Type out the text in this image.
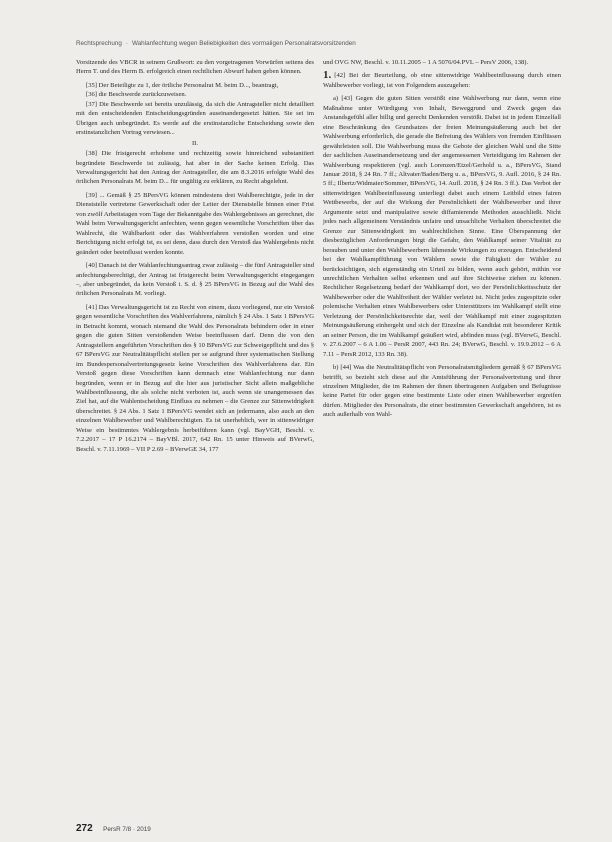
Rechtsprechung · Wahlanfechtung wegen Beliebigkeiten des vormaligen Personalratsvorsitzenden

Vorsitzende des VBCR in seinem Grußwort: zu den vorgetragenen Vorwürfen seitens des Herrn T. und des Herrn B. erfolgreich einen rechtlichen Abwurf haben geben können.

[35] Der Beteiligte zu 1, der örtliche Personalrat M. beim D..., beantragt,

[36] die Beschwerde zurückzuweisen.

[37] Die Beschwerde sei bereits unzulässig, da sich die Antragsteller nicht detailliert mit den entscheidenden Entscheidungsgründen auseinandergesetzt hätten. Sie sei im Übrigen auch unbegründet. Es werde auf die erstinstanzliche Entscheidung sowie den erstinstanzlichen Vortrag verwiesen...

II.

[38] Die fristgerecht erhobene und rechtzeitig sowie hinreichend substantiiert begründete Beschwerde ist zulässig, hat aber in der Sache keinen Erfolg. Das Verwaltungsgericht hat den Antrag der Antragsteller, die am 8.3.2016 erfolgte Wahl des örtlichen Personalrats M. beim D... für ungültig zu erklären, zu Recht abgelehnt.

[39] ... Gemäß § 25 BPersVG können mindestens drei Wahlberechtigte, jede in der Dienststelle vertretene Gewerkschaft oder der Leiter der Dienststelle binnen einer Frist von zwölf Arbeitstagen vom Tage der Bekanntgabe des Wahlergebnisses an gerechnet, die Wahl beim Verwaltungsgericht anfechten, wenn gegen wesentliche Vorschriften über das Wahlrecht, die Wählbarkeit oder das Wahlverfahren verstoßen worden und eine Berichtigung nicht erfolgt ist, es sei denn, dass durch den Verstoß das Wahlergebnis nicht geändert oder beeinflusst werden konnte.

[40] Danach ist der Wahlanfechtungsantrag zwar zulässig – die fünf Antragsteller sind anfechtungsberechtigt, der Antrag ist fristgerecht beim Verwaltungsgericht eingegangen –, aber unbegründet, da kein Verstoß i. S. d. § 25 BPersVG in Bezug auf die Wahl des örtlichen Personalrats M. vorliegt.

[41] Das Verwaltungsgericht ist zu Recht von einem, dazu vorliegend, nur ein Verstoß gegen wesentliche Vorschriften des Wahlverfahrens, nämlich § 24 Abs. 1 Satz 1 BPersVG in Betracht kommt, wonach niemand die Wahl des Personalrats behindern oder in einer gegen die guten Sitten verstoßenden Weise beeinflussen darf. Denn die von den Antragstellern angeführten Vorschriften des § 10 BPersVG zur Schweigepflicht und des § 67 BPersVG zur Neutralitätspflicht stellen per se aufgrund ihrer systematischen Stellung im Bundespersonalvertretungsgesetz keine Vorschriften des Wahlverfahrens dar. Ein Verstoß gegen diese Vorschriften kann demnach eine Wahlanfechtung nur dann begründen, wenn er in Bezug auf die hier aus juristischer Sicht allein maßgebliche Wahlbeeinflussung, die als solche nicht verboten ist, auch wenn sie unangemessen das Ziel hat, auf die Wahlentscheidung Einfluss zu nehmen – die Grenze zur Sittenwidrigkeit überschreitet. § 24 Abs. 1 Satz 1 BPersVG wendet sich an jedermann, also auch an den einzelnen Wahlbewerber und Wahlberechtigten. Es ist unerheblich, wer in sittenwidriger Weise ein bestimmtes Wahlergebnis herbeiführen kann (vgl. BayVGH, Beschl. v. 7.2.2017 – 17 P 16.2174 – BayVBl. 2017, 642 Rn. 15 unter Hinweis auf BVerwG, Beschl. v. 7.11.1969 – VII P 2.69 – BVerwGE 34, 177

und OVG NW, Beschl. v. 10.11.2005 – 1 A 5076/04.PVL – PersV 2006, 138).

1. [42] Bei der Beurteilung, ob eine sittenwidrige Wahlbeeinflussung durch einen Wahlbewerber vorliegt, ist von Folgendem auszugehen:

a) [43] Gegen die guten Sitten verstößt eine Wahlwerbung nur dann, wenn eine Maßnahme unter Würdigung von Inhalt, Beweggrund und Zweck gegen das Anstandsgefühl aller billig und gerecht Denkenden verstößt. Dabei ist in jedem Einzelfall eine Beschränkung des Grundsatzes der freien Meinungsäußerung auch bei der Wahlwerbung erforderlich, die gerade die Befreiung des Wählers von fremden Einflüssen gewährleisten soll. Die Wahlwerbung muss die Gebote der gleichen Wahl und die Sitte der sachlichen Auseinandersetzung und der angemessenen Verteidigung im Rahmen der Wahlwerbung respektieren (vgl. auch Lorenzen/Etzel/Gerhold u. a., BPersVG, Stand Januar 2018, § 24 Rn. 7 ff.; Altvater/Baden/Berg u. a., BPersVG, 9. Aufl. 2016, § 24 Rn. 5 ff.; Ilbertz/Widmaier/Sommer, BPersVG, 14. Aufl. 2018, § 24 Rn. 3 ff.). Das Verbot der sittenwidrigen Wahlbeeinflussung unterliegt dabei auch einem Leitbild eines fairen Wettbewerbs, der auf die Wirkung der Persönlichkeit der Wahlbewerber und ihrer Argumente setzt und manipulative sowie diffamierende Methoden ausschließt. Nicht jedes nach allgemeinem Verständnis unfaire und unsachliche Verhalten überschreitet die Grenze zur Sittenwidrigkeit im wahlrechtlichen Sinne. Eine Überspannung der diesbezüglichen Anforderungen birgt die Gefahr, den Wahlkampf seiner Vitalität zu berauben und unter den Wahlbewerbern lähmende Wirkungen zu erzeugen. Entscheidend bei der Wahlkampfführung von Wählern sowie die Fähigkeit der Wähler zu berücksichtigen, sich eigenständig ein Urteil zu bilden, wenn auch gehört, mithin vor unrechtlichen Verhalten selbst erkennen und auf ihre Sichtweise ziehen zu können. Rechtlicher Regelsetzung bedarf der Wahlkampf dort, wo der Persönlichkeitsschutz der Wahlbewerber oder die Wahlfreiheit der Wähler verletzt ist. Nicht jedes zugespitzte oder polemische Verhalten eines Wahlbewerbers oder Unterstützers im Wahlkampf stellt eine Verletzung der Persönlichkeitsrechte dar, weil der Wahlkampf mit einer zugespitzten Meinungsäußerung einhergeht und sich der Einzelne als Kandidat mit besonderer Kritik an seiner Person, die im Wahlkampf geäußert wird, abfinden muss (vgl. BVerwG, Beschl. v. 27.6.2007 – 6 A 1.06 – PersR 2007, 443 Rn. 24; BVerwG, Beschl. v. 19.9.2012 – 6 A 7.11 – PersR 2012, 133 Rn. 38).

b) [44] Was die Neutralitätspflicht von Personalratsmitgliedern gemäß § 67 BPersVG betrifft, so bezieht sich diese auf die Amtsführung der Personalvertretung und ihrer einzelnen Mitglieder, die im Rahmen der ihnen übertragenen Aufgaben und Befugnisse keine Partei für oder gegen eine bestimmte Liste oder einen Wahlbewerber ergreifen dürfen. Mitglieder des Personalrats, die einer bestimmten Gewerkschaft angehören, ist es auch außerhalb von Wahl-

272 PersR 7/8 · 2019
